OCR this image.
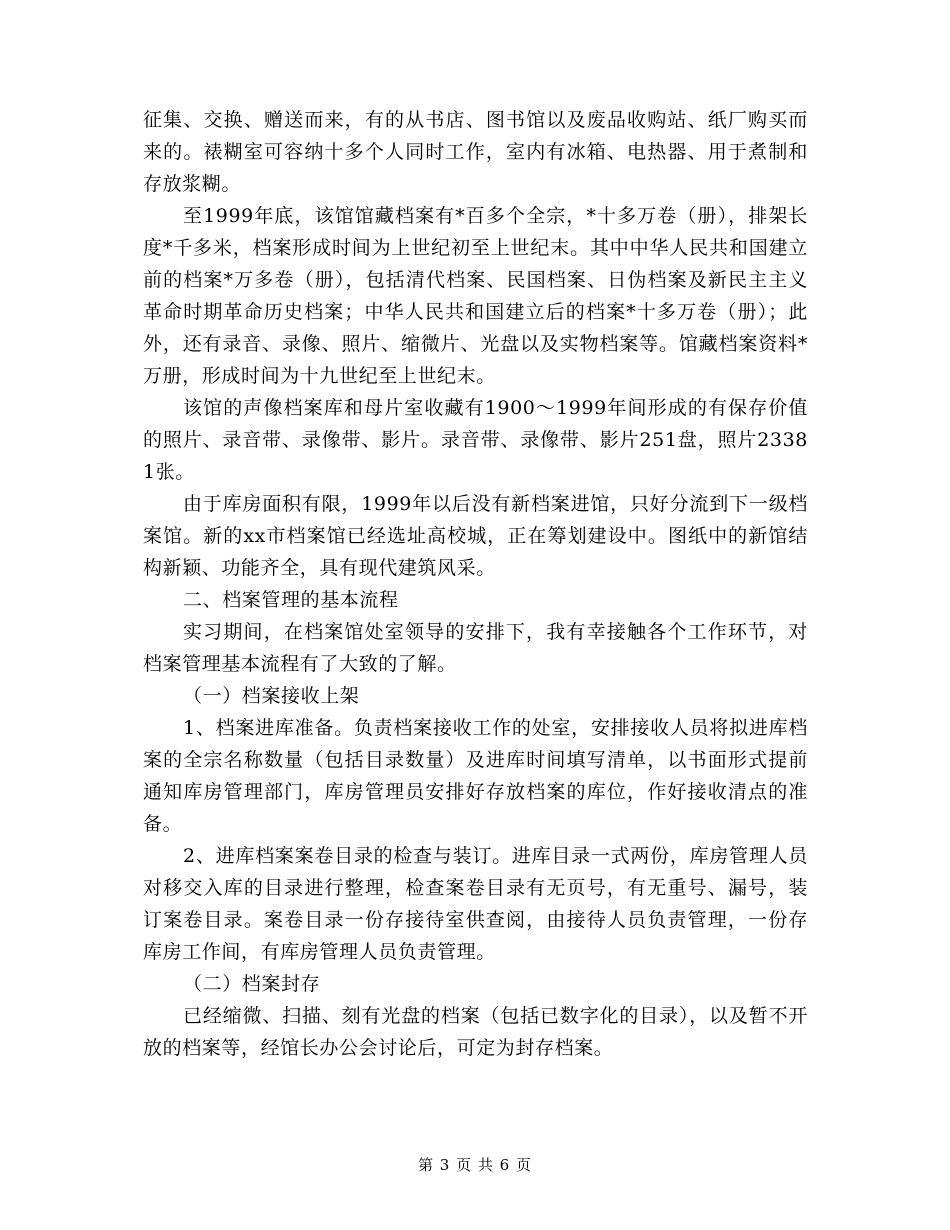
征集、交换、赠送而来，有的从书店、图书馆以及废品收购站、纸厂购买而来的。裱糊室可容纳十多个人同时工作，室内有冰箱、电热器、用于煮制和存放浆糊。

至1999年底，该馆馆藏档案有*百多个全宗，*十多万卷（册），排架长度*千多米，档案形成时间为上世纪初至上世纪末。其中中华人民共和国建立前的档案*万多卷（册），包括清代档案、民国档案、日伪档案及新民主主义革命时期革命历史档案；中华人民共和国建立后的档案*十多万卷（册）；此外，还有录音、录像、照片、缩微片、光盘以及实物档案等。馆藏档案资料*万册，形成时间为十九世纪至上世纪末。

该馆的声像档案库和母片室收藏有1900～1999年间形成的有保存价值的照片、录音带、录像带、影片。录音带、录像带、影片251盘，照片23381张。

由于库房面积有限，1999年以后没有新档案进馆，只好分流到下一级档案馆。新的xx市档案馆已经选址高校城，正在筹划建设中。图纸中的新馆结构新颖、功能齐全，具有现代建筑风采。

二、档案管理的基本流程

实习期间，在档案馆处室领导的安排下，我有幸接触各个工作环节，对档案管理基本流程有了大致的了解。

（一）档案接收上架

1、档案进库准备。负责档案接收工作的处室，安排接收人员将拟进库档案的全宗名称数量（包括目录数量）及进库时间填写清单，以书面形式提前通知库房管理部门，库房管理员安排好存放档案的库位，作好接收清点的准备。

2、进库档案案卷目录的检查与装订。进库目录一式两份，库房管理人员对移交入库的目录进行整理，检查案卷目录有无页号，有无重号、漏号，装订案卷目录。案卷目录一份存接待室供查阅，由接待人员负责管理，一份存库房工作间，有库房管理人员负责管理。

（二）档案封存

已经缩微、扫描、刻有光盘的档案（包括已数字化的目录），以及暂不开放的档案等，经馆长办公会讨论后，可定为封存档案。

第 3 页 共 6 页
